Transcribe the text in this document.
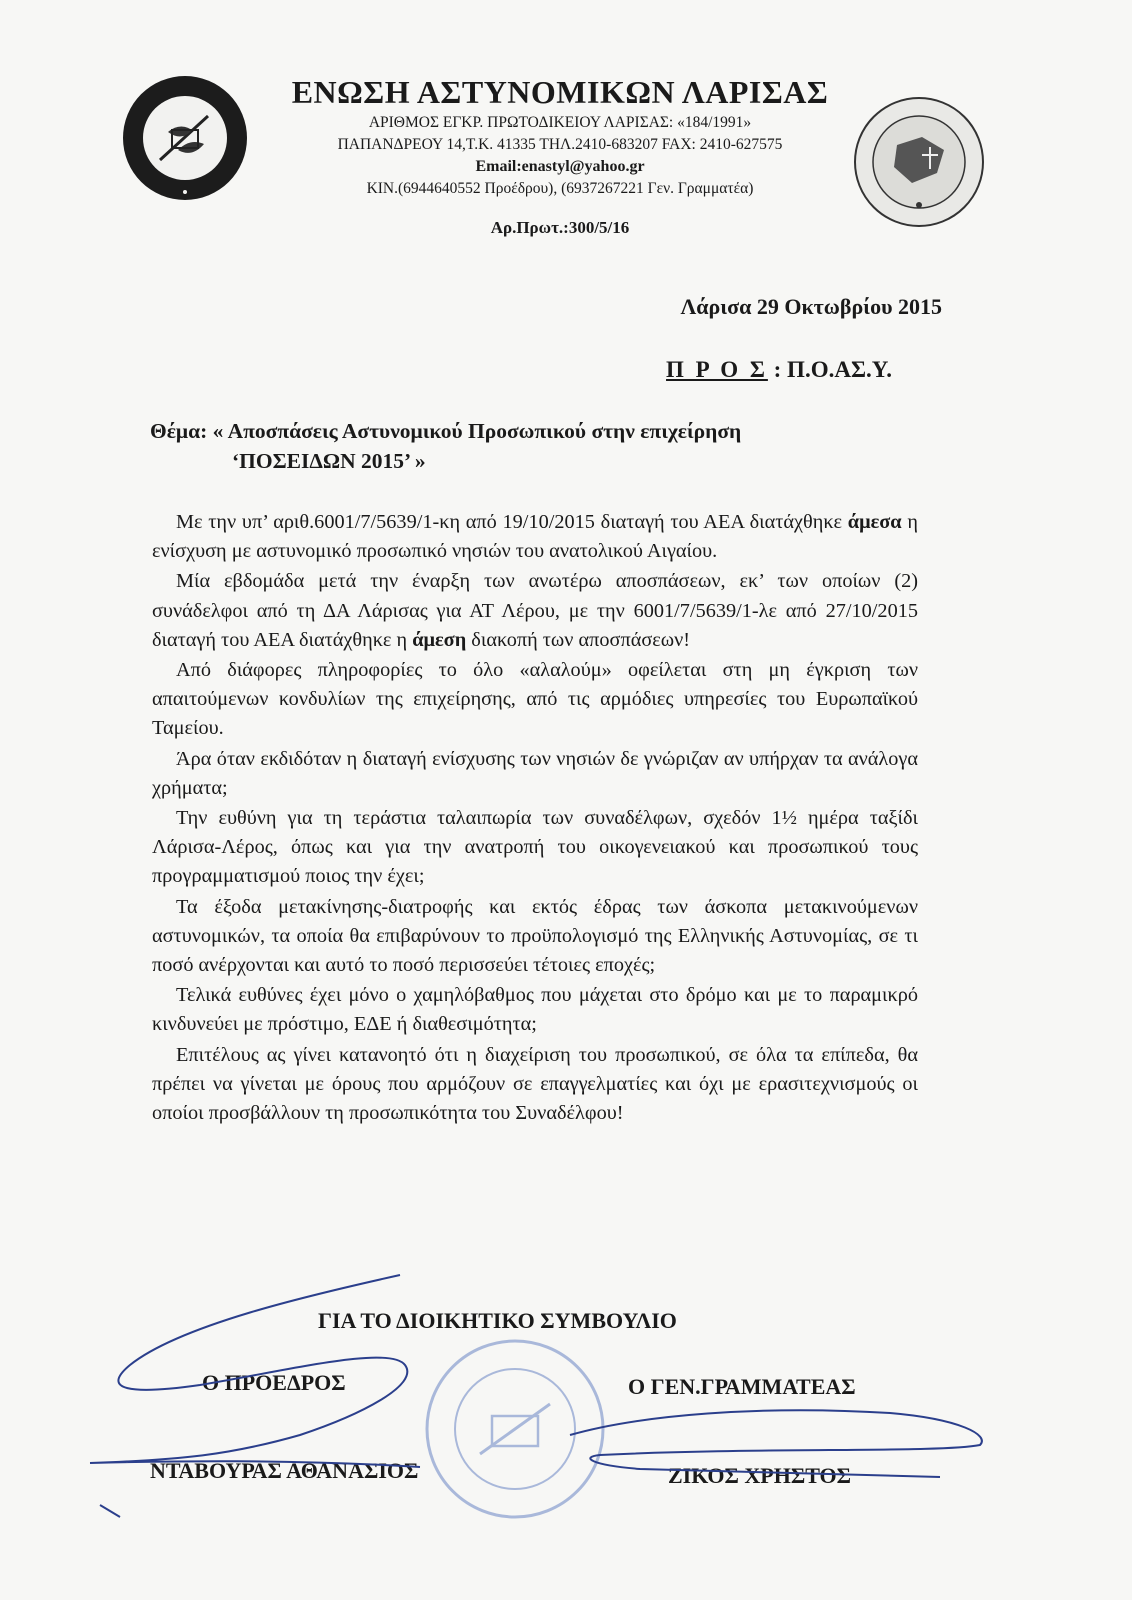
ΕΝΩΣΗ ΑΣΤΥΝΟΜΙΚΩΝ ΛΑΡΙΣΑΣ

ΑΡΙΘΜΟΣ ΕΓΚΡ. ΠΡΩΤΟΔΙΚΕΙΟΥ ΛΑΡΙΣΑΣ: «184/1991»

ΠΑΠΑΝΔΡΕΟΥ 14,Τ.Κ. 41335 ΤΗΛ.2410-683207 FAX: 2410-627575

Email:enastyl@yahoo.gr

ΚΙΝ.(6944640552 Προέδρου), (6937267221 Γεν. Γραμματέα)

Αρ.Πρωτ.:300/5/16

Λάρισα 29 Οκτωβρίου 2015
Π Ρ Ο Σ : Π.Ο.ΑΣ.Υ.
Θέμα: « Αποσπάσεις Αστυνομικού Προσωπικού στην επιχείρηση
‘ΠΟΣΕΙΔΩΝ 2015’ »

Με την υπ’ αριθ.6001/7/5639/1-κη από 19/10/2015 διαταγή του ΑΕΑ διατάχθηκε άμεσα η ενίσχυση με αστυνομικό προσωπικό νησιών του ανατολικού Αιγαίου.

Μία εβδομάδα μετά την έναρξη των ανωτέρω αποσπάσεων, εκ’ των οποίων (2) συνάδελφοι από τη ΔΑ Λάρισας για ΑΤ Λέρου, με την 6001/7/5639/1-λε από 27/10/2015 διαταγή του ΑΕΑ διατάχθηκε η άμεση διακοπή των αποσπάσεων!

Από διάφορες πληροφορίες το όλο «αλαλούμ» οφείλεται στη μη έγκριση των απαιτούμενων κονδυλίων της επιχείρησης, από τις αρμόδιες υπηρεσίες του Ευρωπαϊκού Ταμείου.

Άρα όταν εκδιδόταν η διαταγή ενίσχυσης των νησιών δε γνώριζαν αν υπήρχαν τα ανάλογα χρήματα;

Την ευθύνη για τη τεράστια ταλαιπωρία των συναδέλφων, σχεδόν 1½ ημέρα ταξίδι Λάρισα-Λέρος, όπως και για την ανατροπή του οικογενειακού και προσωπικού τους προγραμματισμού ποιος την έχει;

Τα έξοδα μετακίνησης-διατροφής και εκτός έδρας των άσκοπα μετακινούμενων αστυνομικών, τα οποία θα επιβαρύνουν το προϋπολογισμό της Ελληνικής Αστυνομίας, σε τι ποσό ανέρχονται και αυτό το ποσό περισσεύει τέτοιες εποχές;

Τελικά ευθύνες έχει μόνο ο χαμηλόβαθμος που μάχεται στο δρόμο και με το παραμικρό κινδυνεύει με πρόστιμο, ΕΔΕ ή διαθεσιμότητα;

Επιτέλους ας γίνει κατανοητό ότι η διαχείριση του προσωπικού, σε όλα τα επίπεδα, θα πρέπει να γίνεται με όρους που αρμόζουν σε επαγγελματίες και όχι με ερασιτεχνισμούς οι οποίοι προσβάλλουν τη προσωπικότητα του Συναδέλφου!

ΓΙΑ ΤΟ ΔΙΟΙΚΗΤΙΚΟ ΣΥΜΒΟΥΛΙΟ
Ο ΠΡΟΕΔΡΟΣ	Ο ΓΕΝ.ΓΡΑΜΜΑΤΕΑΣ
ΝΤΑΒΟΥΡΑΣ ΑΘΑΝΑΣΙΟΣ	ΖΙΚΟΣ ΧΡΗΣΤΟΣ
